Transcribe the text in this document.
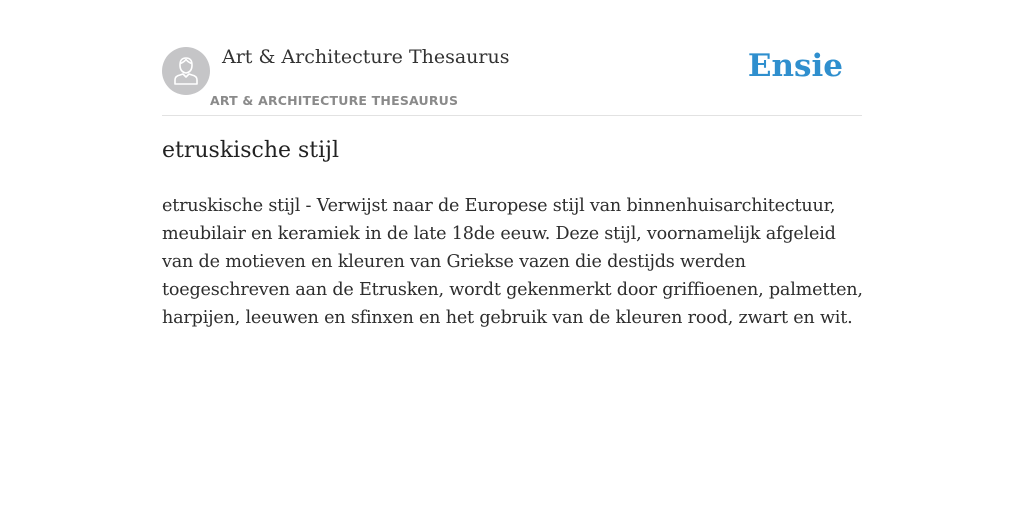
Art & Architecture Thesaurus
ART & ARCHITECTURE THESAURUS
Ensie
etruskische stijl

etruskische stijl - Verwijst naar de Europese stijl van binnenhuisarchitectuur, meubilair en keramiek in de late 18de eeuw. Deze stijl, voornamelijk afgeleid van de motieven en kleuren van Griekse vazen die destijds werden toegeschreven aan de Etrusken, wordt gekenmerkt door griffioenen, palmetten, harpijen, leeuwen en sfinxen en het gebruik van de kleuren rood, zwart en wit.
